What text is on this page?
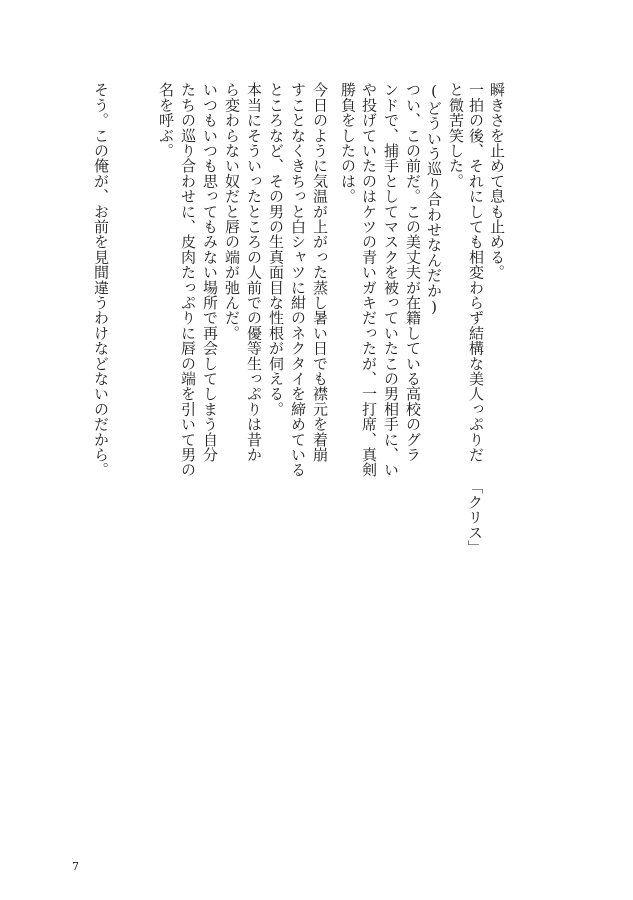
瞬きさを止めて息も止める。
一拍の後、それにしても相変わらず結構な美人っぷりだ
と微苦笑した。
「クリス」
(どういう巡り合わせなんだか)
つい、この前だ。この美丈夫が在籍している高校のグラ
ンドで、捕手としてマスクを被っていたこの男相手に、い
や投げていたのはケツの青いガキだったが、一打席、真剣
勝負をしたのは。
今日のように気温が上がった蒸し暑い日でも襟元を着崩
すことなくきちっと白シャツに紺のネクタイを締めている
ところなど、その男の生真面目な性根が伺える。
本当にそういったところの人前での優等生っぷりは昔か
ら変わらない奴だと唇の端が弛んだ。
いつもいつも思ってもみない場所で再会してしまう自分
たちの巡り合わせに、皮肉たっぷりに唇の端を引いて男の
名を呼ぶ。
そう。この俺が、お前を見間違うわけなどないのだから。
7
